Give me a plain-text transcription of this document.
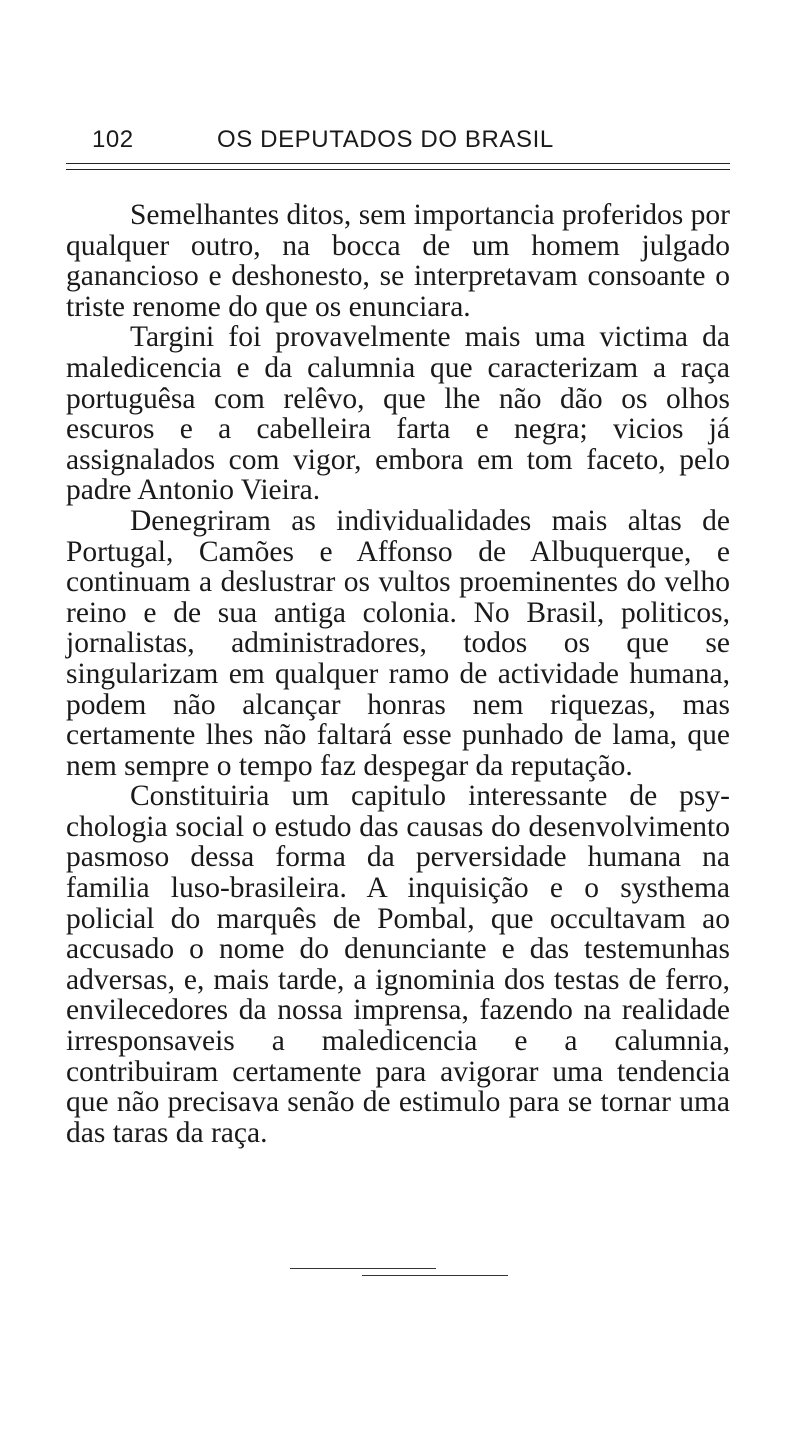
102	OS DEPUTADOS DO BRASIL

Semelhantes ditos, sem importancia proferidos por qualquer outro, na bocca de um homem julgado ganancioso e deshonesto, se interpretavam consoante o triste renome do que os enunciara.

Targini foi provavelmente mais uma victima da maledicencia e da calumnia que caracterizam a raça portuguêsa com relêvo, que lhe não dão os olhos escuros e a cabelleira farta e negra; vicios já assignalados com vigor, embora em tom faceto, pelo padre Antonio Vieira.

Denegriram as individualidades mais altas de Portugal, Camões e Affonso de Albuquerque, e continuam a deslustrar os vultos proeminentes do velho reino e de sua antiga colonia. No Brasil, politicos, jornalistas, administradores, todos os que se singularizam em qualquer ramo de actividade humana, podem não alcançar honras nem riquezas, mas certamente lhes não faltará esse punhado de lama, que nem sempre o tempo faz despegar da reputação.

Constituiria um capitulo interessante de psychologia social o estudo das causas do desenvolvimento pasmoso dessa forma da perversidade humana na familia luso-brasileira. A inquisição e o systhema policial do marquês de Pombal, que occultavam ao accusado o nome do denunciante e das testemunhas adversas, e, mais tarde, a ignominia dos testas de ferro, envilecedores da nossa imprensa, fazendo na realidade irresponsaveis a maledicencia e a calumnia, contribuiram certamente para avigorar uma tendencia que não precisava senão de estimulo para se tornar uma das taras da raça.
